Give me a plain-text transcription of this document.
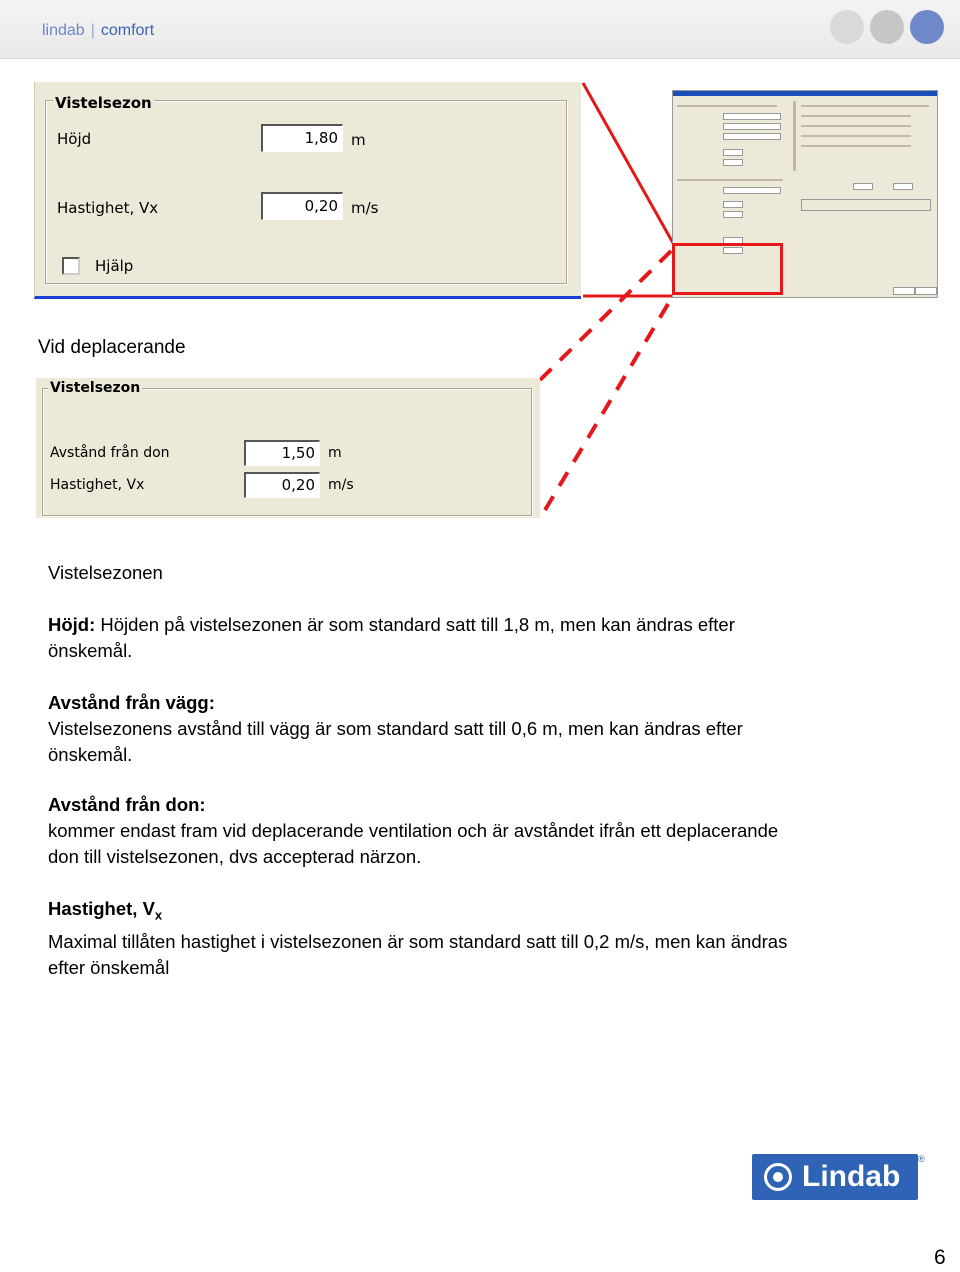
lindab | comfort
Vistelsezon
Höjd	1,80 m
Hastighet, Vx	0,20 m/s
Hjälp
Vid deplacerande
Vistelsezon
Avstånd från don	1,50 m
Hastighet, Vx	0,20 m/s
Vistelsezonen
Höjd: Höjden på vistelsezonen är som standard satt till 1,8 m, men kan ändras efter
önskemål.
Avstånd från vägg:
Vistelsezonens avstånd till vägg är som standard satt till 0,6 m, men kan ändras efter
önskemål.
Avstånd från don:
kommer endast fram vid deplacerande ventilation och är avståndet ifrån ett deplacerande
don till vistelsezonen, dvs accepterad närzon.
Hastighet, $V_x$
Maximal tillåten hastighet i vistelsezonen är som standard satt till 0,2 m/s, men kan ändras
efter önskemål
Lindab
®
6
